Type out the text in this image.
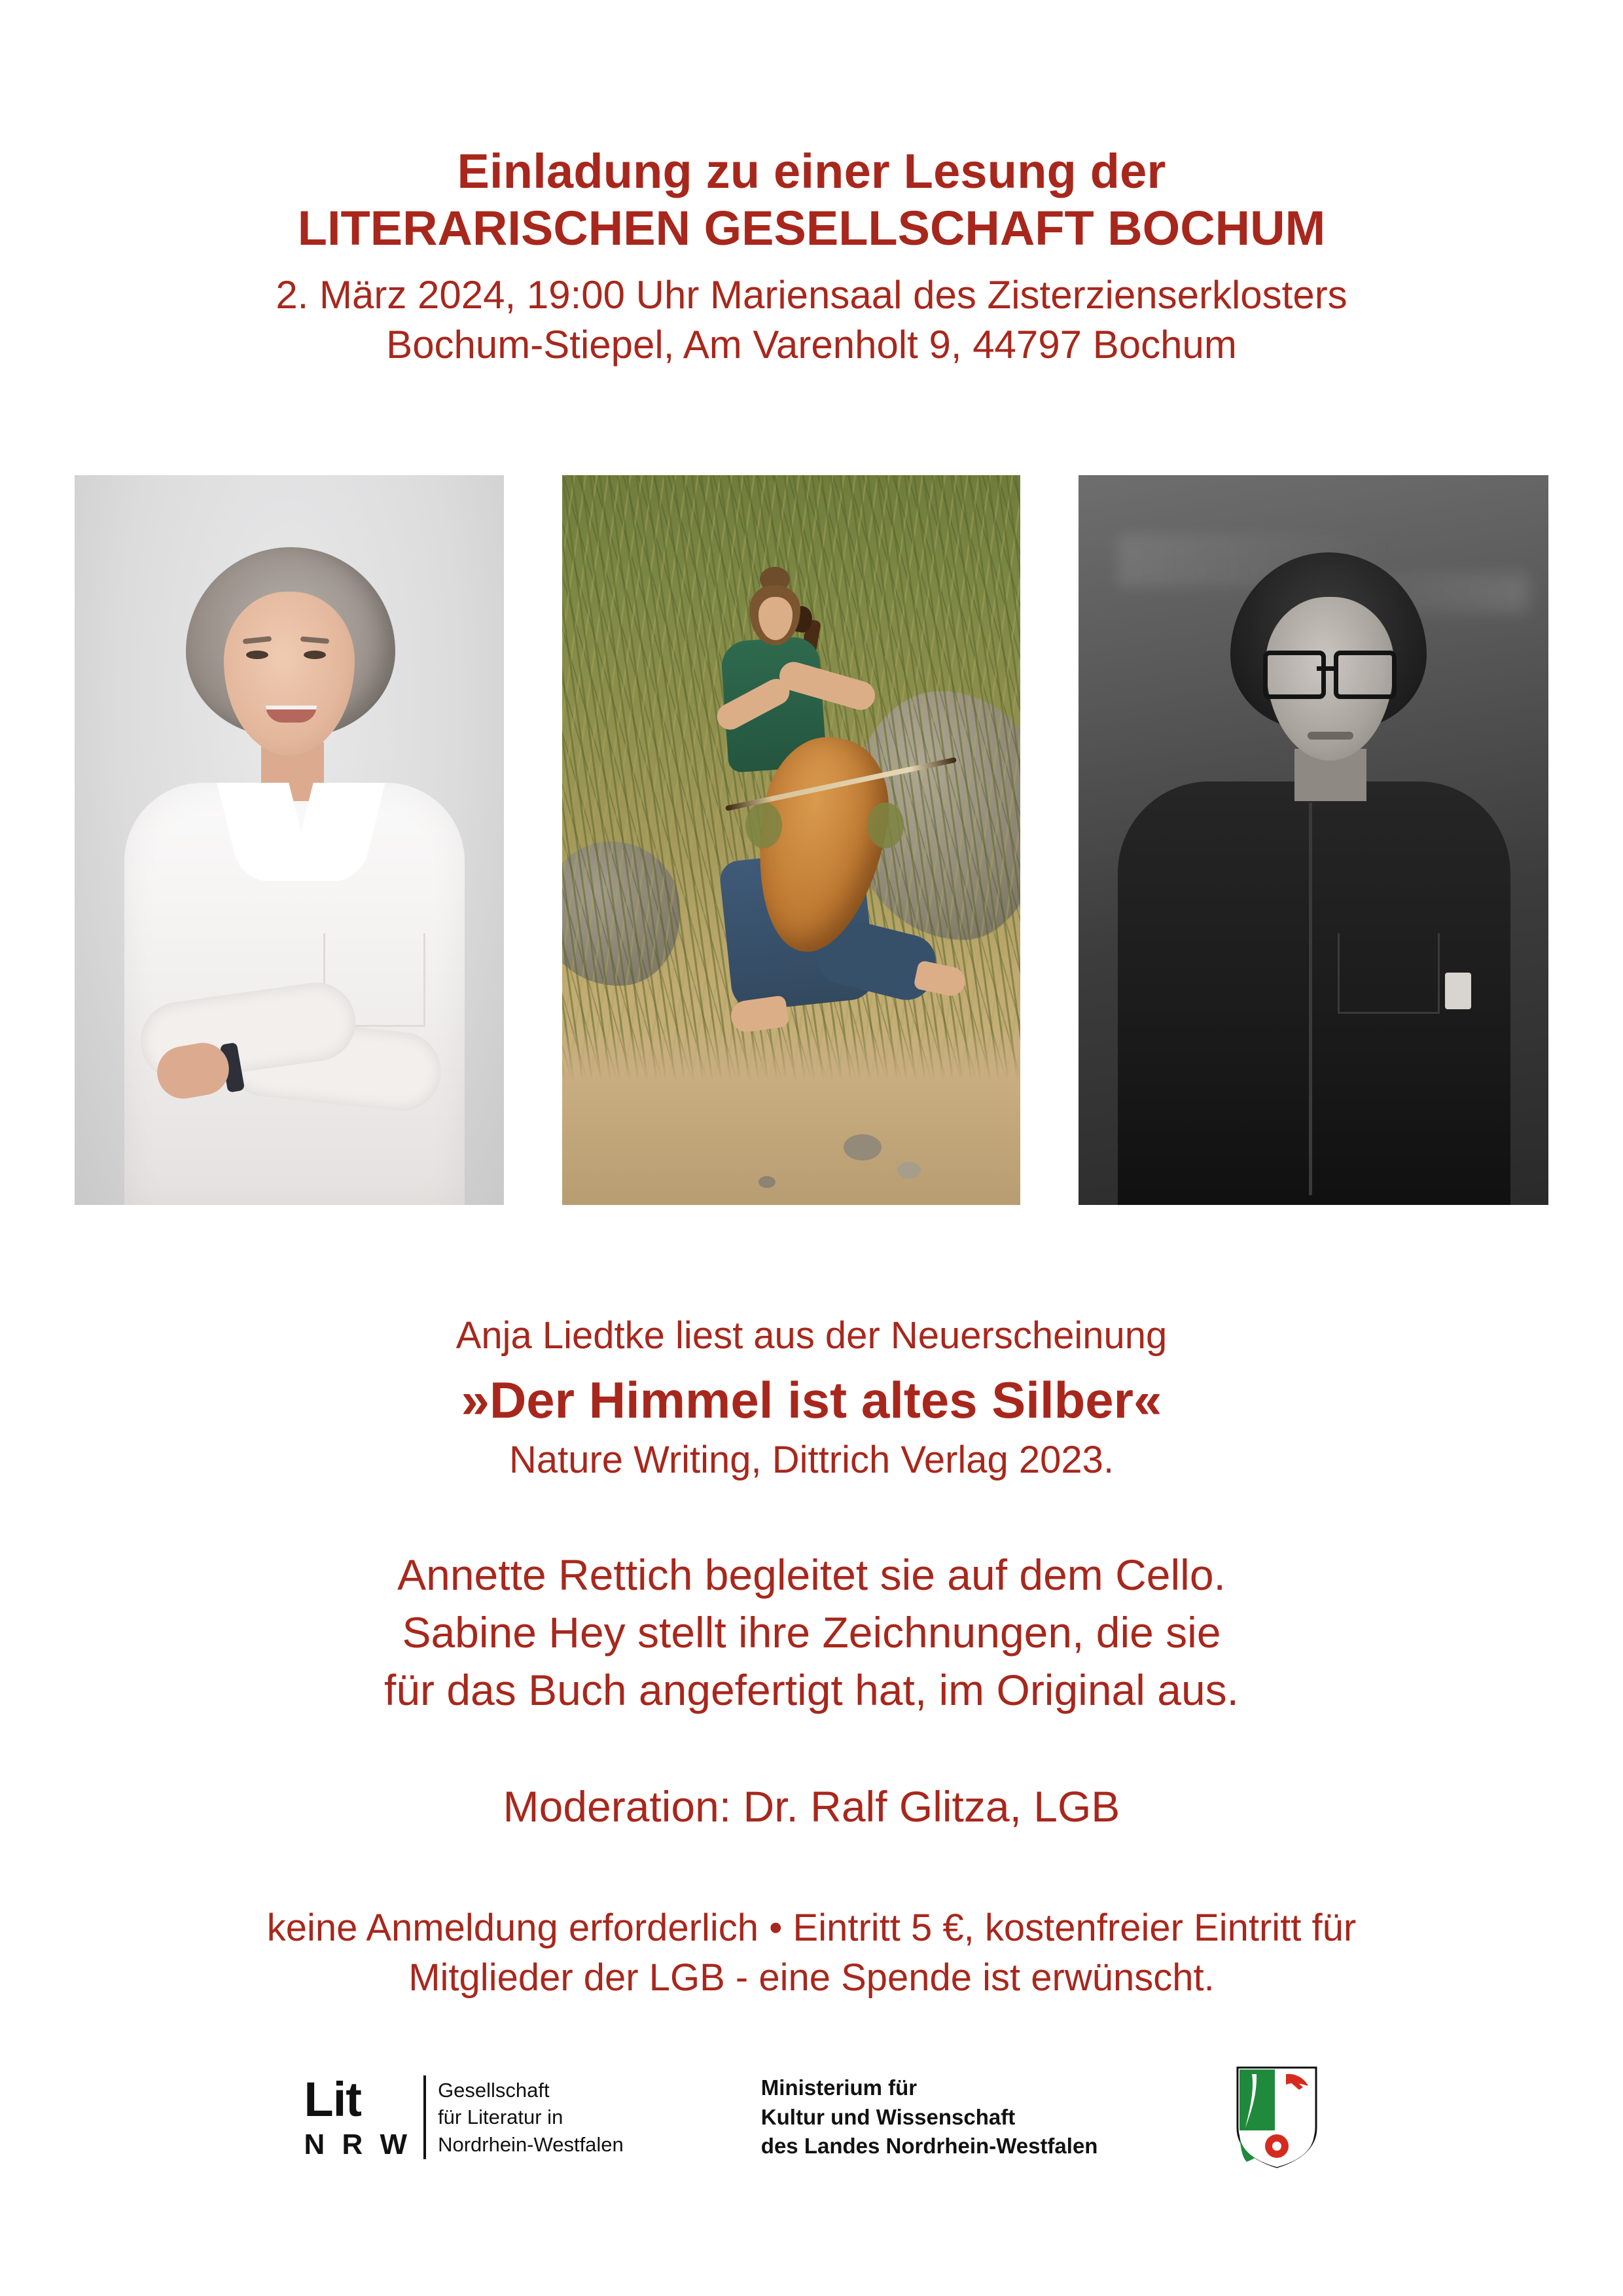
Einladung zu einer Lesung der
LITERARISCHEN GESELLSCHAFT BOCHUM
2. März 2024, 19:00 Uhr Mariensaal des Zisterzienserklosters
Bochum-Stiepel, Am Varenholt 9, 44797 Bochum
Anja Liedtke liest aus der Neuerscheinung
»Der Himmel ist altes Silber«
Nature Writing, Dittrich Verlag 2023.
Annette Rettich begleitet sie auf dem Cello.
Sabine Hey stellt ihre Zeichnungen, die sie
für das Buch angefertigt hat, im Original aus.
Moderation: Dr. Ralf Glitza, LGB
keine Anmeldung erforderlich • Eintritt 5 €, kostenfreier Eintritt für
Mitglieder der LGB - eine Spende ist erwünscht.
Lit
N R W
Gesellschaft
für Literatur in
Nordrhein-Westfalen
Ministerium für
Kultur und Wissenschaft
des Landes Nordrhein-Westfalen
